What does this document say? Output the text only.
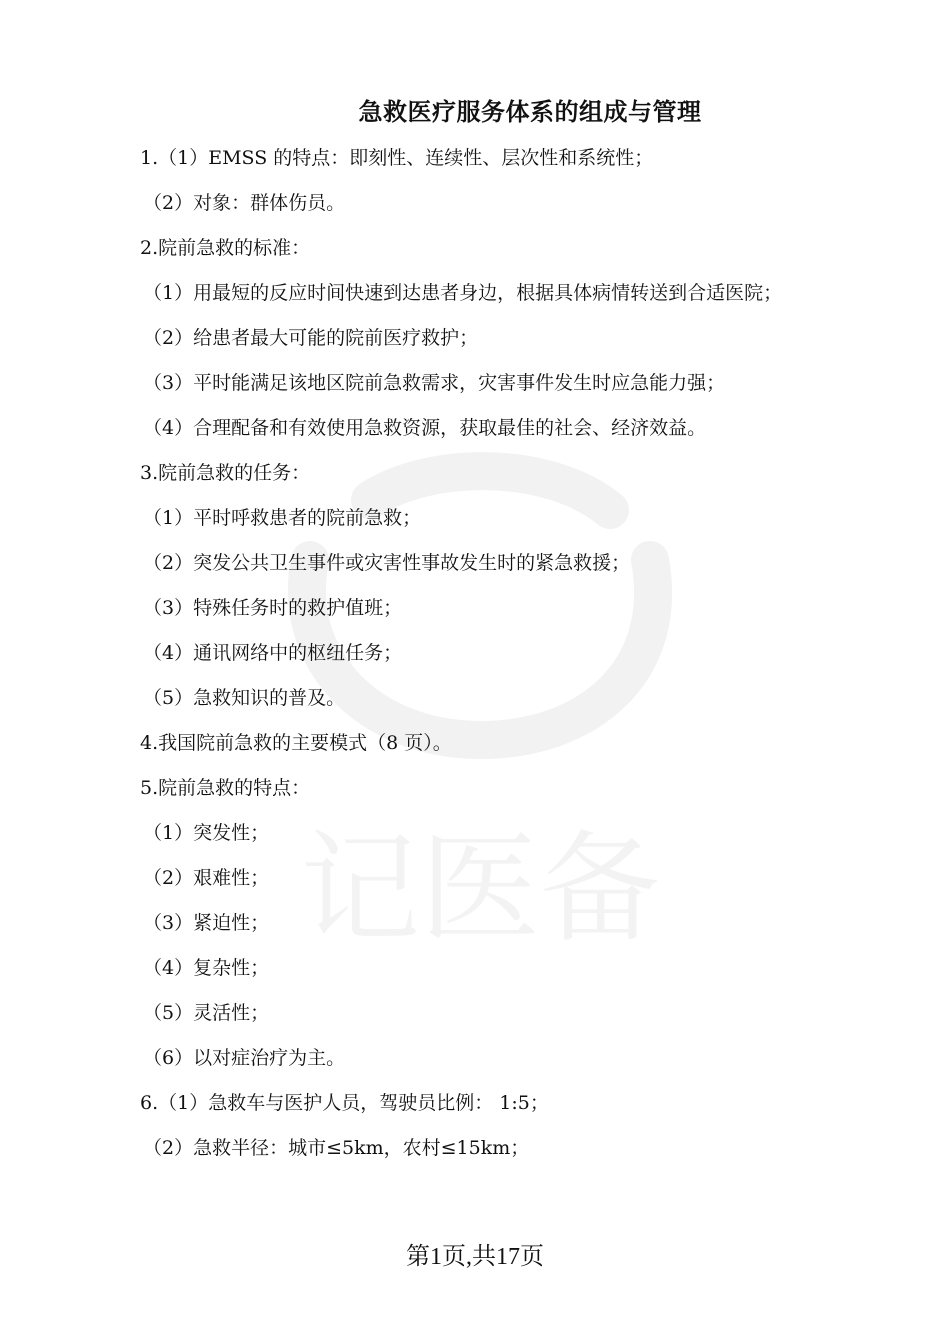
记医备
急救医疗服务体系的组成与管理
1.（1）EMSS 的特点：即刻性、连续性、层次性和系统性；
（2）对象：群体伤员。
2.院前急救的标准：
（1）用最短的反应时间快速到达患者身边，根据具体病情转送到合适医院；
（2）给患者最大可能的院前医疗救护；
（3）平时能满足该地区院前急救需求，灾害事件发生时应急能力强；
（4）合理配备和有效使用急救资源，获取最佳的社会、经济效益。
3.院前急救的任务：
（1）平时呼救患者的院前急救；
（2）突发公共卫生事件或灾害性事故发生时的紧急救援；
（3）特殊任务时的救护值班；
（4）通讯网络中的枢纽任务；
（5）急救知识的普及。
4.我国院前急救的主要模式（8 页）。
5.院前急救的特点：
（1）突发性；
（2）艰难性；
（3）紧迫性；
（4）复杂性；
（5）灵活性；
（6）以对症治疗为主。
6.（1）急救车与医护人员，驾驶员比例： 1:5；
（2）急救半径：城市≤5km，农村≤15km；
第1页,共17页
